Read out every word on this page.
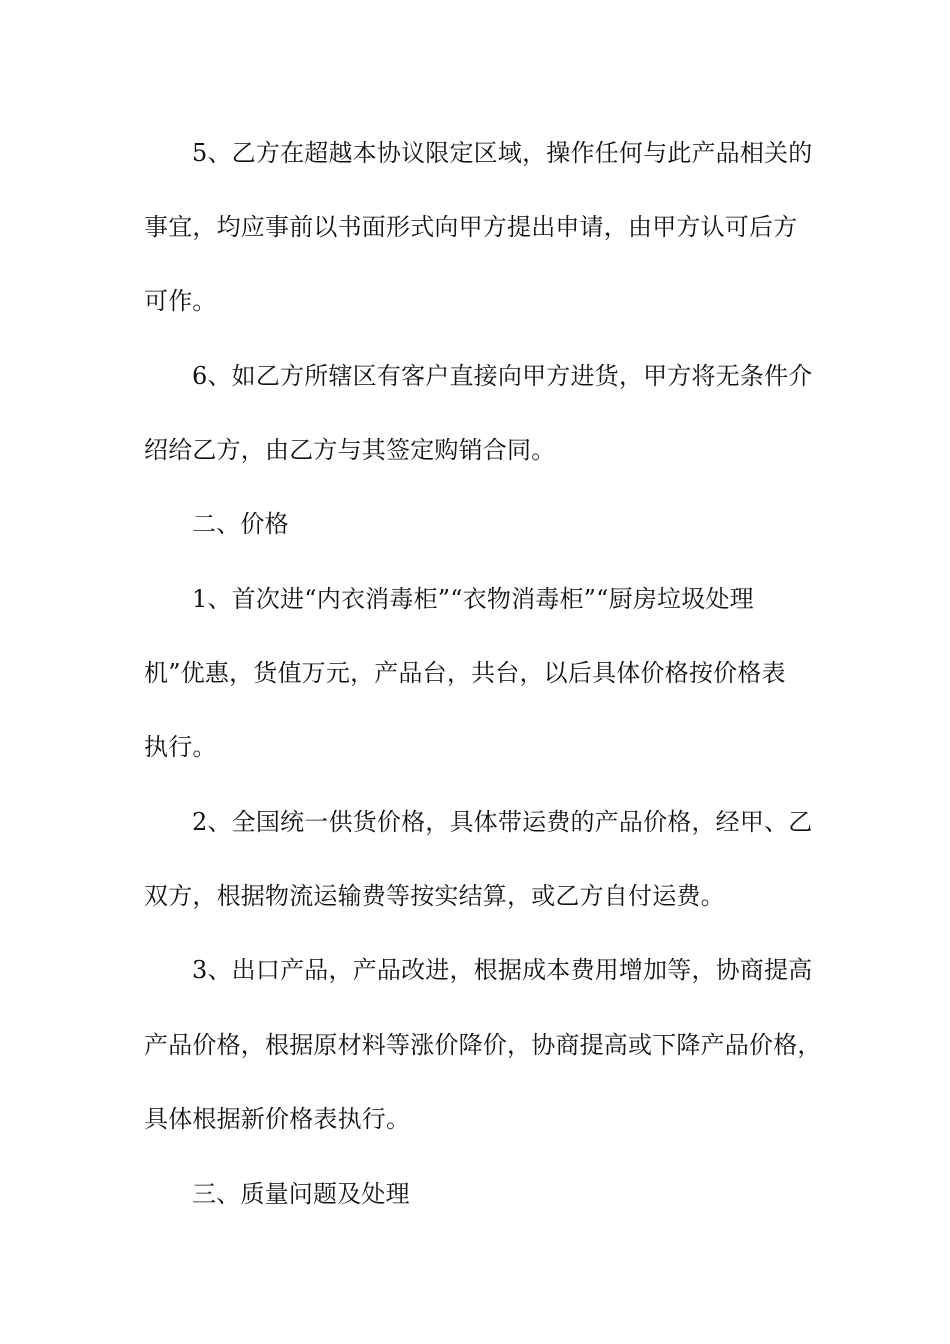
5、乙方在超越本协议限定区域，操作任何与此产品相关的
事宜，均应事前以书面形式向甲方提出申请，由甲方认可后方
可作。
6、如乙方所辖区有客户直接向甲方进货，甲方将无条件介
绍给乙方，由乙方与其签定购销合同。
二、价格
1、首次进“内衣消毒柜”“衣物消毒柜”“厨房垃圾处理
机”优惠，货值万元，产品台，共台，以后具体价格按价格表
执行。
2、全国统一供货价格，具体带运费的产品价格，经甲、乙
双方，根据物流运输费等按实结算，或乙方自付运费。
3、出口产品，产品改进，根据成本费用增加等，协商提高
产品价格，根据原材料等涨价降价，协商提高或下降产品价格，
具体根据新价格表执行。
三、质量问题及处理
